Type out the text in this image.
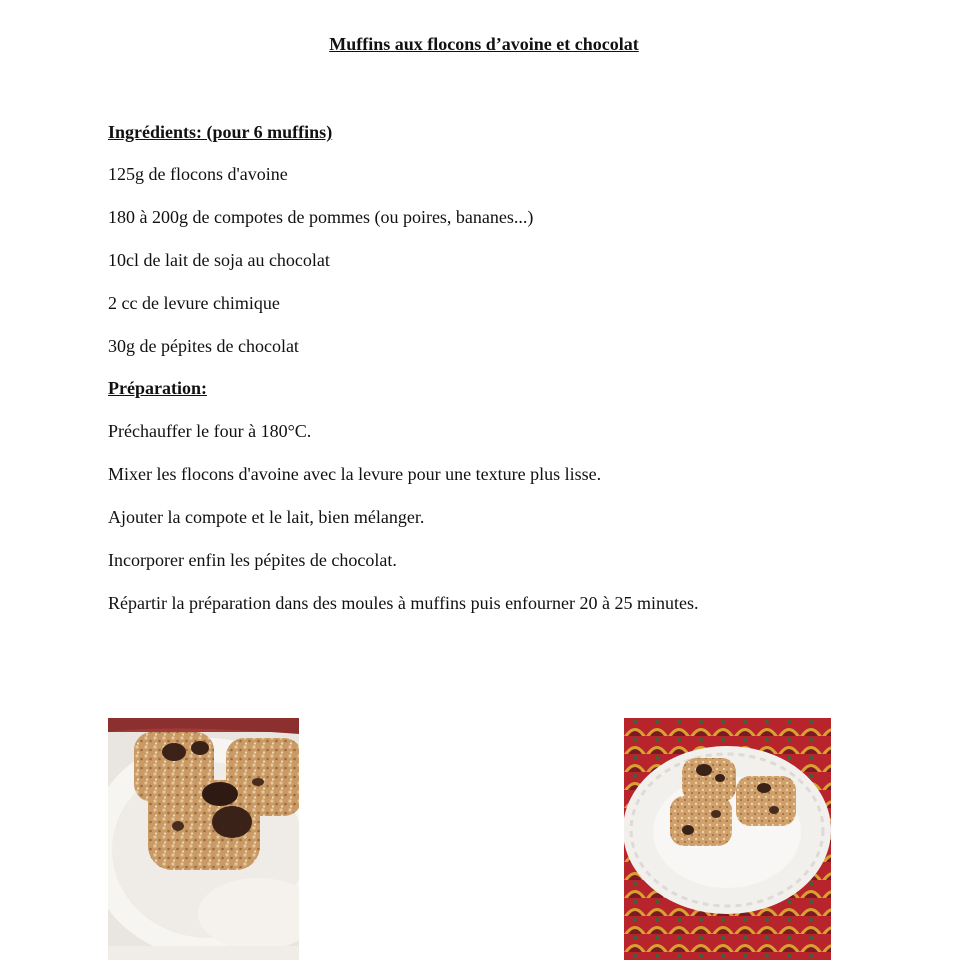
Muffins aux flocons d’avoine et chocolat
Ingrédients: (pour 6 muffins)
125g de flocons d'avoine
180 à 200g de compotes de pommes (ou poires, bananes...)
10cl de lait de soja au chocolat
2 cc de levure chimique
30g de pépites de chocolat
Préparation:
Préchauffer le four à 180°C.
Mixer les flocons d'avoine avec la levure pour une texture plus lisse.
Ajouter la compote et le lait, bien mélanger.
Incorporer enfin les pépites de chocolat.
Répartir la préparation dans des moules à muffins puis enfourner 20 à 25 minutes.
